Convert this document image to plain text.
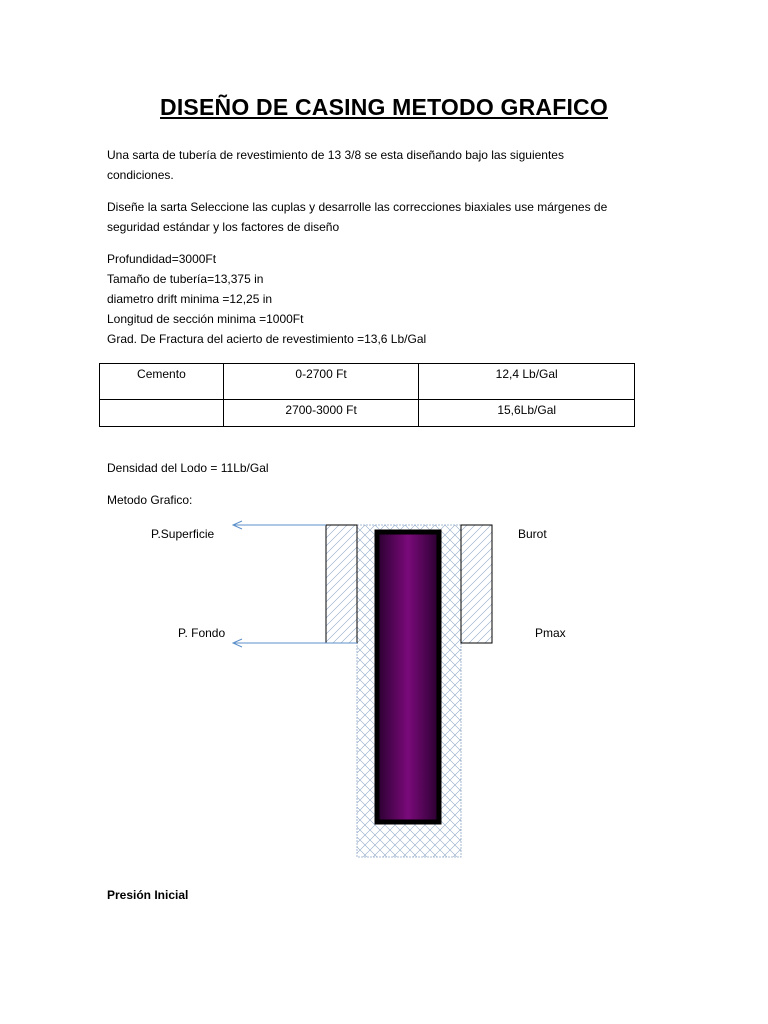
DISEÑO DE CASING METODO GRAFICO
Una sarta de tubería de revestimiento de 13 3/8 se esta diseñando bajo las siguientes condiciones.
Diseñe la sarta Seleccione las cuplas y desarrolle las correcciones biaxiales use márgenes de seguridad estándar y los factores de diseño
Profundidad=3000Ft
Tamaño de tubería=13,375 in
diametro drift minima =12,25 in
Longitud de sección minima =1000Ft
Grad. De Fractura del acierto de revestimiento =13,6 Lb/Gal
Cemento	0-2700 Ft	12,4 Lb/Gal
	2700-3000 Ft	15,6Lb/Gal
Densidad del Lodo = 11Lb/Gal
Metodo Grafico:
P.Superficie
P. Fondo
Burot
Pmax
Presión Inicial
